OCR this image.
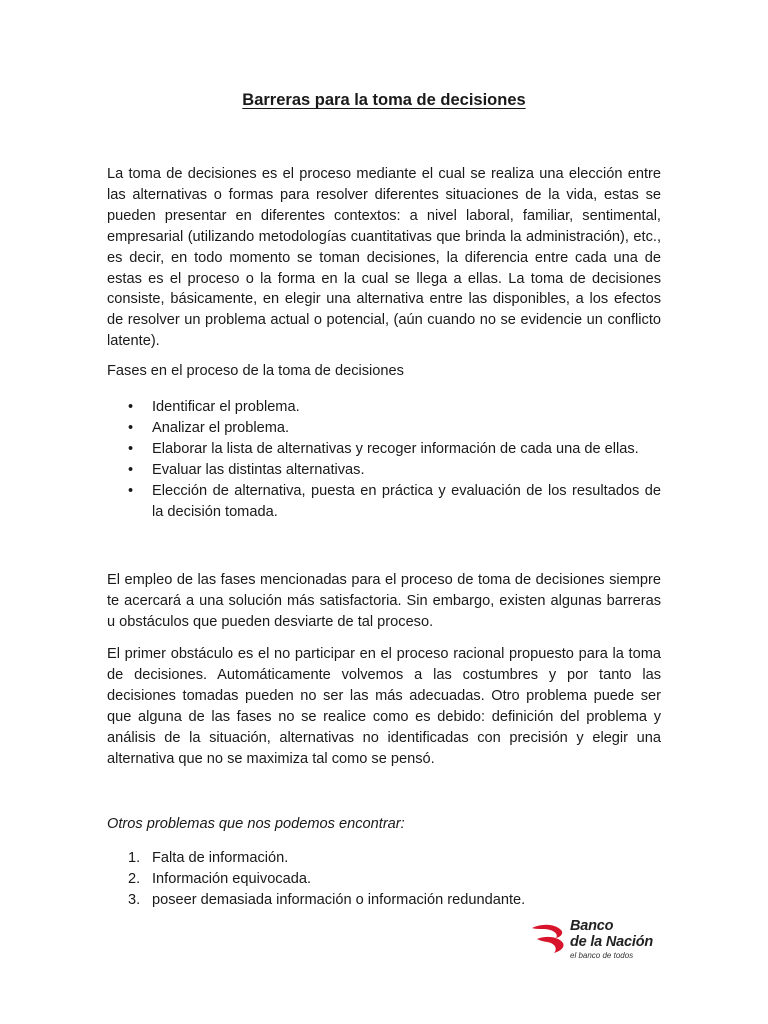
Barreras para la toma de decisiones

La toma de decisiones es el proceso mediante el cual se realiza una elección entre las alternativas o formas para resolver diferentes situaciones de la vida, estas se pueden presentar en diferentes contextos: a nivel laboral, familiar, sentimental, empresarial (utilizando metodologías cuantitativas que brinda la administración), etc., es decir, en todo momento se toman decisiones, la diferencia entre cada una de estas es el proceso o la forma en la cual se llega a ellas. La toma de decisiones consiste, básicamente, en elegir una alternativa entre las disponibles, a los efectos de resolver un problema actual o potencial, (aún cuando no se evidencie un conflicto latente).

Fases en el proceso de la toma de decisiones

• Identificar el problema.
• Analizar el problema.
• Elaborar la lista de alternativas y recoger información de cada una de ellas.
• Evaluar las distintas alternativas.
• Elección de alternativa, puesta en práctica y evaluación de los resultados de la decisión tomada.

El empleo de las fases mencionadas para el proceso de toma de decisiones siempre te acercará a una solución más satisfactoria. Sin embargo, existen algunas barreras u obstáculos que pueden desviarte de tal proceso.

El primer obstáculo es el no participar en el proceso racional propuesto para la toma de decisiones. Automáticamente volvemos a las costumbres y por tanto las decisiones tomadas pueden no ser las más adecuadas. Otro problema puede ser que alguna de las fases no se realice como es debido: definición del problema y análisis de la situación, alternativas no identificadas con precisión y elegir una alternativa que no se maximiza tal como se pensó.

Otros problemas que nos podemos encontrar:

1. Falta de información.
2. Información equivocada.
3. poseer demasiada información o información redundante.
Banco
de la Nación
el banco de todos
